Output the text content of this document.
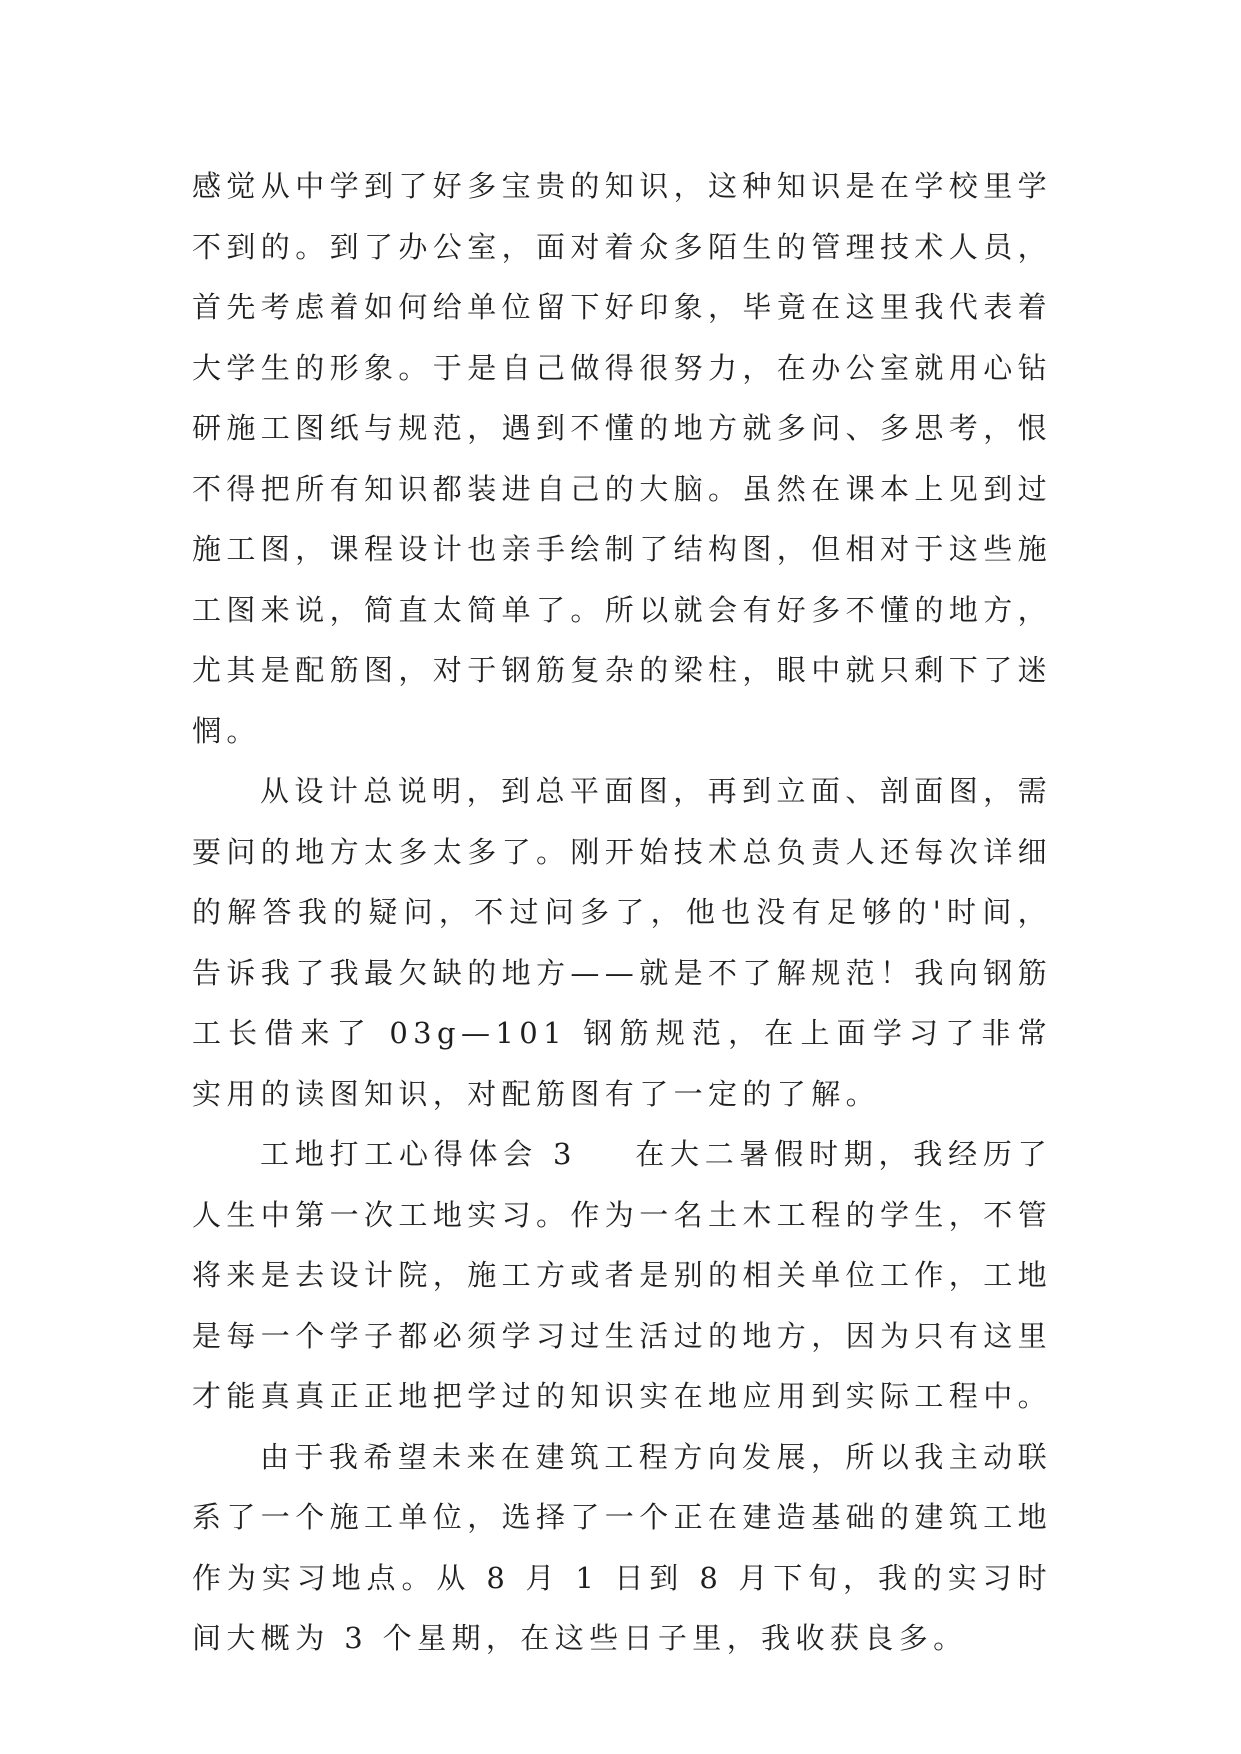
感觉从中学到了好多宝贵的知识，这种知识是在学校里学不到的。到了办公室，面对着众多陌生的管理技术人员，首先考虑着如何给单位留下好印象，毕竟在这里我代表着大学生的形象。于是自己做得很努力，在办公室就用心钻研施工图纸与规范，遇到不懂的地方就多问、多思考，恨不得把所有知识都装进自己的大脑。虽然在课本上见到过施工图，课程设计也亲手绘制了结构图，但相对于这些施工图来说，简直太简单了。所以就会有好多不懂的地方，尤其是配筋图，对于钢筋复杂的梁柱，眼中就只剩下了迷惘。

从设计总说明，到总平面图，再到立面、剖面图，需要问的地方太多太多了。刚开始技术总负责人还每次详细的解答我的疑问，不过问多了，他也没有足够的'时间，告诉我了我最欠缺的地方——就是不了解规范！我向钢筋工长借来了 03g—101 钢筋规范，在上面学习了非常实用的读图知识，对配筋图有了一定的了解。

工地打工心得体会 3 在大二暑假时期，我经历了人生中第一次工地实习。作为一名土木工程的学生，不管将来是去设计院，施工方或者是别的相关单位工作，工地是每一个学子都必须学习过生活过的地方，因为只有这里才能真真正正地把学过的知识实在地应用到实际工程中。

由于我希望未来在建筑工程方向发展，所以我主动联系了一个施工单位，选择了一个正在建造基础的建筑工地作为实习地点。从 8 月 1 日到 8 月下旬，我的实习时间大概为 3 个星期，在这些日子里，我收获良多。
